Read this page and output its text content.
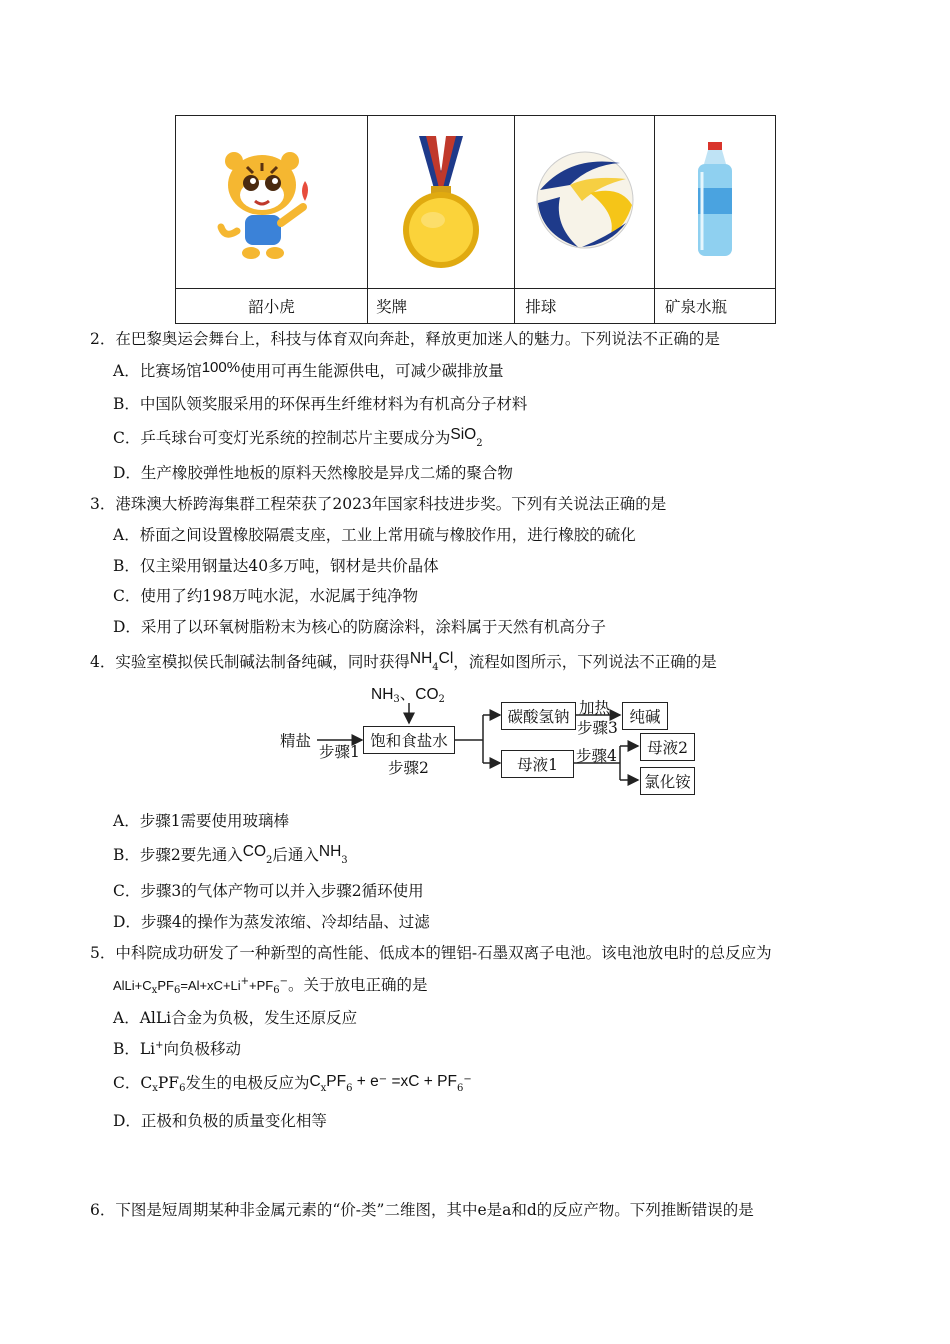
韶小虎	奖牌	排球	矿泉水瓶
2．在巴黎奥运会舞台上，科技与体育双向奔赴，释放更加迷人的魅力。下列说法不正确的是
A．比赛场馆100%使用可再生能源供电，可减少碳排放量
B．中国队领奖服采用的环保再生纤维材料为有机高分子材料
C．乒乓球台可变灯光系统的控制芯片主要成分为SiO$_2$
D．生产橡胶弹性地板的原料天然橡胶是异戊二烯的聚合物
3．港珠澳大桥跨海集群工程荣获了2023年国家科技进步奖。下列有关说法正确的是
A．桥面之间设置橡胶隔震支座，工业上常用硫与橡胶作用，进行橡胶的硫化
B．仅主梁用钢量达40多万吨，钢材是共价晶体
C．使用了约198万吨水泥，水泥属于纯净物
D．采用了以环氧树脂粉末为核心的防腐涂料，涂料属于天然有机高分子
4．实验室模拟侯氏制碱法制备纯碱，同时获得$NH_4Cl$，流程如图所示，下列说法不正确的是
$NH_3$、$CO_2$
精盐
步骤1
饱和食盐水
步骤2
碳酸氢钠 加热
步骤3
纯碱
母液1 步骤4 母液2
氯化铵
A．步骤1需要使用玻璃棒
B．步骤2要先通入$CO_2$后通入$NH_3$
C．步骤3的气体产物可以并入步骤2循环使用
D．步骤4的操作为蒸发浓缩、冷却结晶、过滤
5．中科院成功研发了一种新型的高性能、低成本的锂铝-石墨双离子电池。该电池放电时的总反应为
$AlLi+C_xPF_6=Al+xC+Li^++PF_6^-$。关于放电正确的是
A．AlLi合金为负极，发生还原反应
B．Li+向负极移动
C．$C_xPF_6$发生的电极反应为$C_xPF_6 + e^- =xC + PF_6^-$
D．正极和负极的质量变化相等
6．下图是短周期某种非金属元素的“价-类”二维图，其中e是a和d的反应产物。下列推断错误的是
